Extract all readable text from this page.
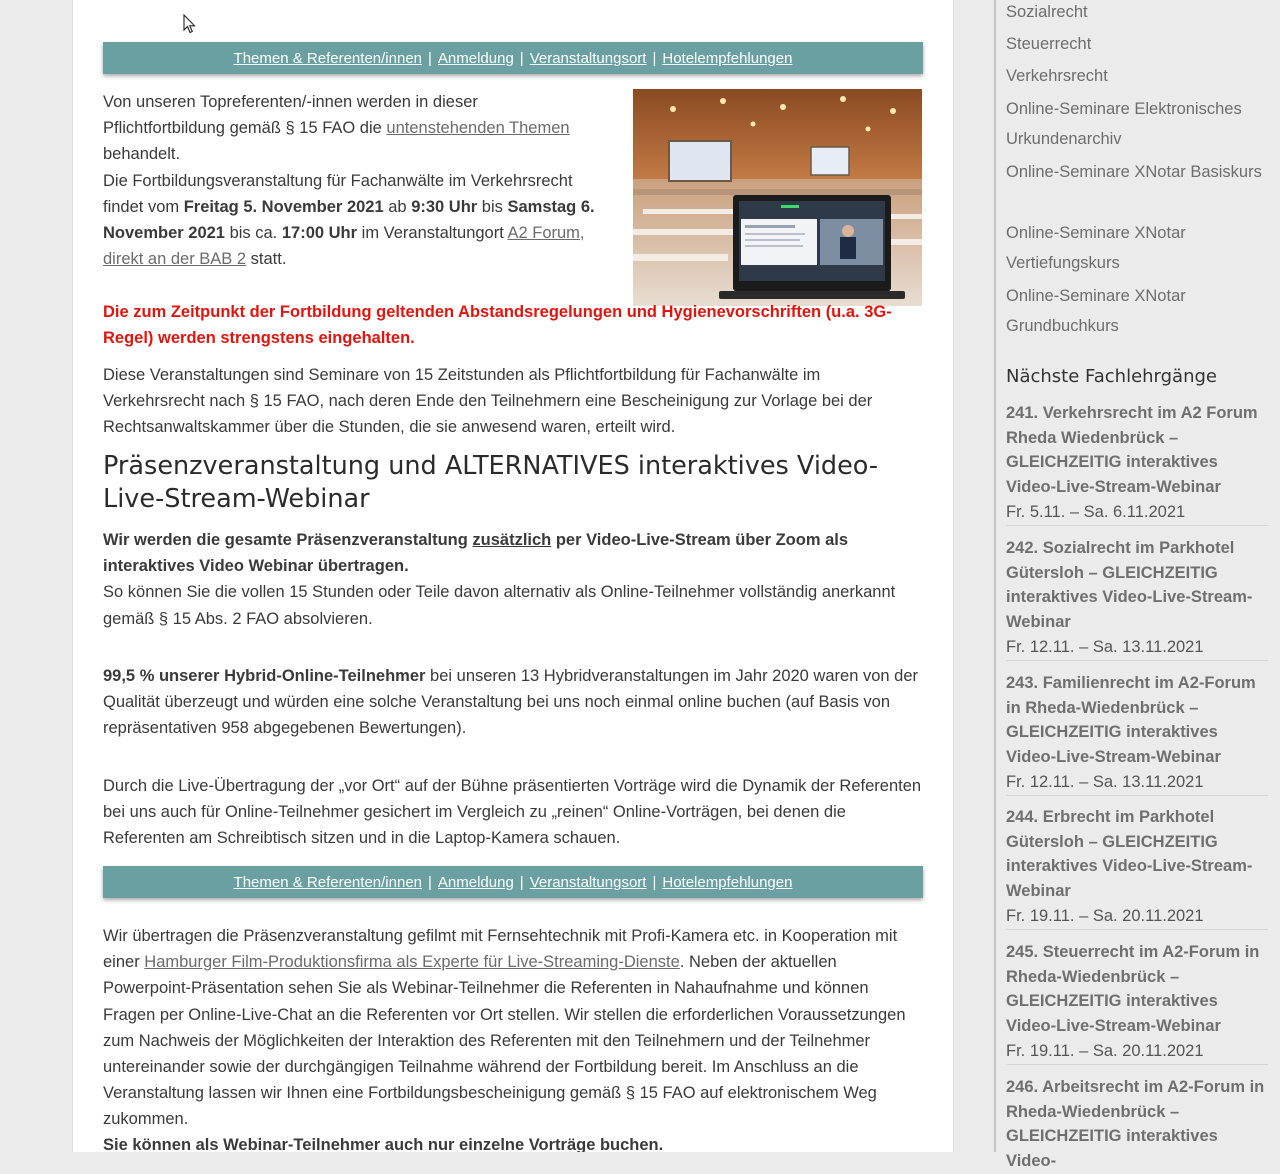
Themen & Referenten/innen | Anmeldung | Veranstaltungsort | Hotelempfehlungen

Von unseren Topreferenten/-innen werden in dieser Pflichtfortbildung gemäß § 15 FAO die untenstehenden Themen behandelt.
Die Fortbildungsveranstaltung für Fachanwälte im Verkehrsrecht findet vom Freitag 5. November 2021 ab 9:30 Uhr bis Samstag 6. November 2021 bis ca. 17:00 Uhr im Veranstaltungort A2 Forum, direkt an der BAB 2 statt.

Die zum Zeitpunkt der Fortbildung geltenden Abstandsregelungen und Hygienevorschriften (u.a. 3G-Regel) werden strengstens eingehalten.
Diese Veranstaltungen sind Seminare von 15 Zeitstunden als Pflichtfortbildung für Fachanwälte im Verkehrsrecht nach § 15 FAO, nach deren Ende den Teilnehmern eine Bescheinigung zur Vorlage bei der Rechtsanwaltskammer über die Stunden, die sie anwesend waren, erteilt wird.
Präsenzveranstaltung und ALTERNATIVES interaktives Video-Live-Stream-Webinar

Wir werden die gesamte Präsenzveranstaltung zusätzlich per Video-Live-Stream über Zoom als interaktives Video Webinar übertragen.

So können Sie die vollen 15 Stunden oder Teile davon alternativ als Online-Teilnehmer vollständig anerkannt gemäß § 15 Abs. 2 FAO absolvieren.

99,5 % unserer Hybrid-Online-Teilnehmer bei unseren 13 Hybridveranstaltungen im Jahr 2020 waren von der Qualität überzeugt und würden eine solche Veranstaltung bei uns noch einmal online buchen (auf Basis von repräsentativen 958 abgegebenen Bewertungen).
Durch die Live-Übertragung der „vor Ort“ auf der Bühne präsentierten Vorträge wird die Dynamik der Referenten bei uns auch für Online-Teilnehmer gesichert im Vergleich zu „reinen“ Online-Vorträgen, bei denen die Referenten am Schreibtisch sitzen und in die Laptop-Kamera schauen.
Themen & Referenten/innen | Anmeldung | Veranstaltungsort | Hotelempfehlungen
Wir übertragen die Präsenzveranstaltung gefilmt mit Fernsehtechnik mit Profi-Kamera etc. in Kooperation mit einer Hamburger Film-Produktionsfirma als Experte für Live-Streaming-Dienste. Neben der aktuellen Powerpoint-Präsentation sehen Sie als Webinar-Teilnehmer die Referenten in Nahaufnahme und können Fragen per Online-Live-Chat an die Referenten vor Ort stellen. Wir stellen die erforderlichen Voraussetzungen zum Nachweis der Möglichkeiten der Interaktion des Referenten mit den Teilnehmern und der Teilnehmer untereinander sowie der durchgängigen Teilnahme während der Fortbildung bereit. Im Anschluss an die Veranstaltung lassen wir Ihnen eine Fortbildungsbescheinigung gemäß § 15 FAO auf elektronischem Weg zukommen.
Sie können als Webinar-Teilnehmer auch nur einzelne Vorträge buchen.
Sozialrecht
Steuerrecht
Verkehrsrecht
Online-Seminare Elektronisches Urkundenarchiv
Online-Seminare XNotar Basiskurs
Online-Seminare XNotar Vertiefungskurs
Online-Seminare XNotar Grundbuchkurs
Nächste Fachlehrgänge
241. Verkehrsrecht im A2 Forum Rheda Wiedenbrück – GLEICHZEITIG interaktives Video-Live-Stream-Webinar
Fr. 5.11. – Sa. 6.11.2021
242. Sozialrecht im Parkhotel Gütersloh – GLEICHZEITIG interaktives Video-Live-Stream-Webinar
Fr. 12.11. – Sa. 13.11.2021
243. Familienrecht im A2-Forum in Rheda-Wiedenbrück – GLEICHZEITIG interaktives Video-Live-Stream-Webinar
Fr. 12.11. – Sa. 13.11.2021
244. Erbrecht im Parkhotel Gütersloh – GLEICHZEITIG interaktives Video-Live-Stream-Webinar
Fr. 19.11. – Sa. 20.11.2021
245. Steuerrecht im A2-Forum in Rheda-Wiedenbrück – GLEICHZEITIG interaktives Video-Live-Stream-Webinar
Fr. 19.11. – Sa. 20.11.2021
246. Arbeitsrecht im A2-Forum in Rheda-Wiedenbrück – GLEICHZEITIG interaktives Video-
